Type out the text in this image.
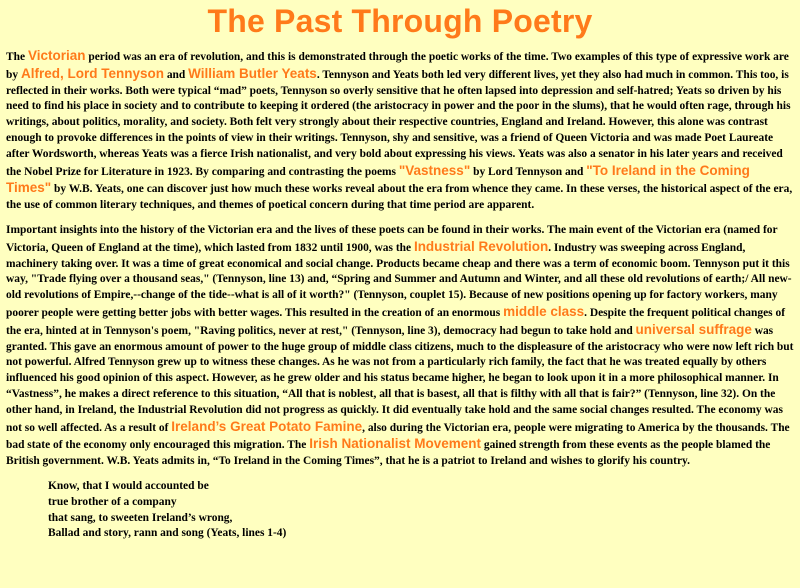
The Past Through Poetry

The Victorian period was an era of revolution, and this is demonstrated through the poetic works of the time. Two examples of this type of expressive work are by Alfred, Lord Tennyson and William Butler Yeats. Tennyson and Yeats both led very different lives, yet they also had much in common. This too, is reflected in their works. Both were typical “mad” poets, Tennyson so overly sensitive that he often lapsed into depression and self-hatred; Yeats so driven by his need to find his place in society and to contribute to keeping it ordered (the aristocracy in power and the poor in the slums), that he would often rage, through his writings, about politics, morality, and society. Both felt very strongly about their respective countries, England and Ireland. However, this alone was contrast enough to provoke differences in the points of view in their writings. Tennyson, shy and sensitive, was a friend of Queen Victoria and was made Poet Laureate after Wordsworth, whereas Yeats was a fierce Irish nationalist, and very bold about expressing his views. Yeats was also a senator in his later years and received the Nobel Prize for Literature in 1923. By comparing and contrasting the poems "Vastness" by Lord Tennyson and "To Ireland in the Coming Times" by W.B. Yeats, one can discover just how much these works reveal about the era from whence they came. In these verses, the historical aspect of the era, the use of common literary techniques, and themes of poetical concern during that time period are apparent.

Important insights into the history of the Victorian era and the lives of these poets can be found in their works. The main event of the Victorian era (named for Victoria, Queen of England at the time), which lasted from 1832 until 1900, was the Industrial Revolution. Industry was sweeping across England, machinery taking over. It was a time of great economical and social change. Products became cheap and there was a term of economic boom. Tennyson put it this way, "Trade flying over a thousand seas," (Tennyson, line 13) and, “Spring and Summer and Autumn and Winter, and all these old revolutions of earth;/ All new-old revolutions of Empire,--change of the tide--what is all of it worth?" (Tennyson, couplet 15). Because of new positions opening up for factory workers, many poorer people were getting better jobs with better wages. This resulted in the creation of an enormous middle class. Despite the frequent political changes of the era, hinted at in Tennyson's poem, "Raving politics, never at rest," (Tennyson, line 3), democracy had begun to take hold and universal suffrage was granted. This gave an enormous amount of power to the huge group of middle class citizens, much to the displeasure of the aristocracy who were now left rich but not powerful. Alfred Tennyson grew up to witness these changes. As he was not from a particularly rich family, the fact that he was treated equally by others influenced his good opinion of this aspect. However, as he grew older and his status became higher, he began to look upon it in a more philosophical manner. In “Vastness”, he makes a direct reference to this situation, “All that is noblest, all that is basest, all that is filthy with all that is fair?” (Tennyson, line 32). On the other hand, in Ireland, the Industrial Revolution did not progress as quickly. It did eventually take hold and the same social changes resulted. The economy was not so well affected. As a result of Ireland’s Great Potato Famine, also during the Victorian era, people were migrating to America by the thousands. The bad state of the economy only encouraged this migration. The Irish Nationalist Movement gained strength from these events as the people blamed the British government. W.B. Yeats admits in, “To Ireland in the Coming Times”, that he is a patriot to Ireland and wishes to glorify his country.

Know, that I would accounted be
true brother of a company
that sang, to sweeten Ireland’s wrong,
Ballad and story, rann and song (Yeats, lines 1-4)
